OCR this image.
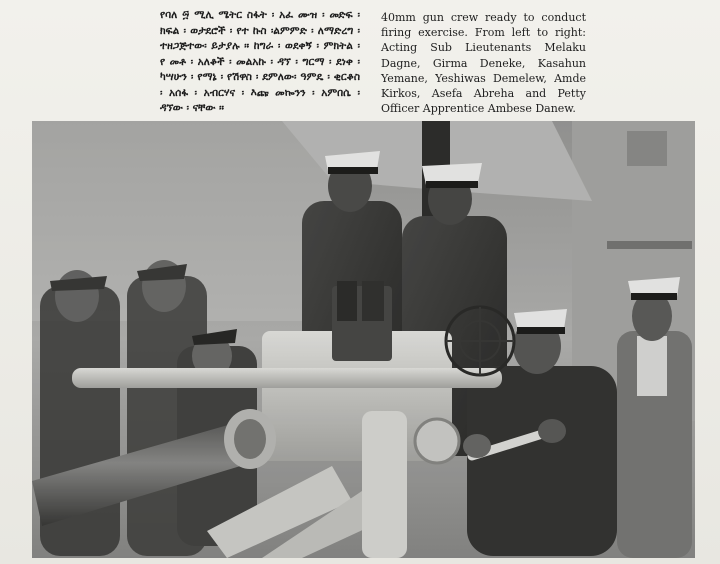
የባለ ፵ ሚሊ ሜትር ስፋት ፡ አፈ ሙዝ ፡ መድፍ ፡ ክፍል ፡ ወታደሮች ፡ የተ ኩስ ፡ልምምድ ፡ ለማድረግ ፡ ተዘጋጅተው፡ ይታያሉ ። ከግራ ፡ ወደቀኝ ፡ ምክትል ፡ የ መቶ ፡ አለቆች ፡ መልአኩ ፡ ዳኘ ፡ ግርማ ፡ ደነቀ ፡ ካሣሁን ፡ የማኔ ፡ የሽዋስ ፡ ደምለው፡ ዓምዴ ፡ ቂርቆስ ፡ አሰፋ ፡ አብርሃና ፡ እጩ መኰንን ፡ አምበሴ ፡ ዳኘው ፡ ናቸው ።
40mm gun crew ready to conduct firing exercise. From left to right: Acting Sub Lieutenants Melaku Dagne, Girma Deneke, Kasahun Yemane, Yeshiwas Demelew, Amde Kirkos, Asefa Abreha and Petty Officer Apprentice Ambese Danew.
